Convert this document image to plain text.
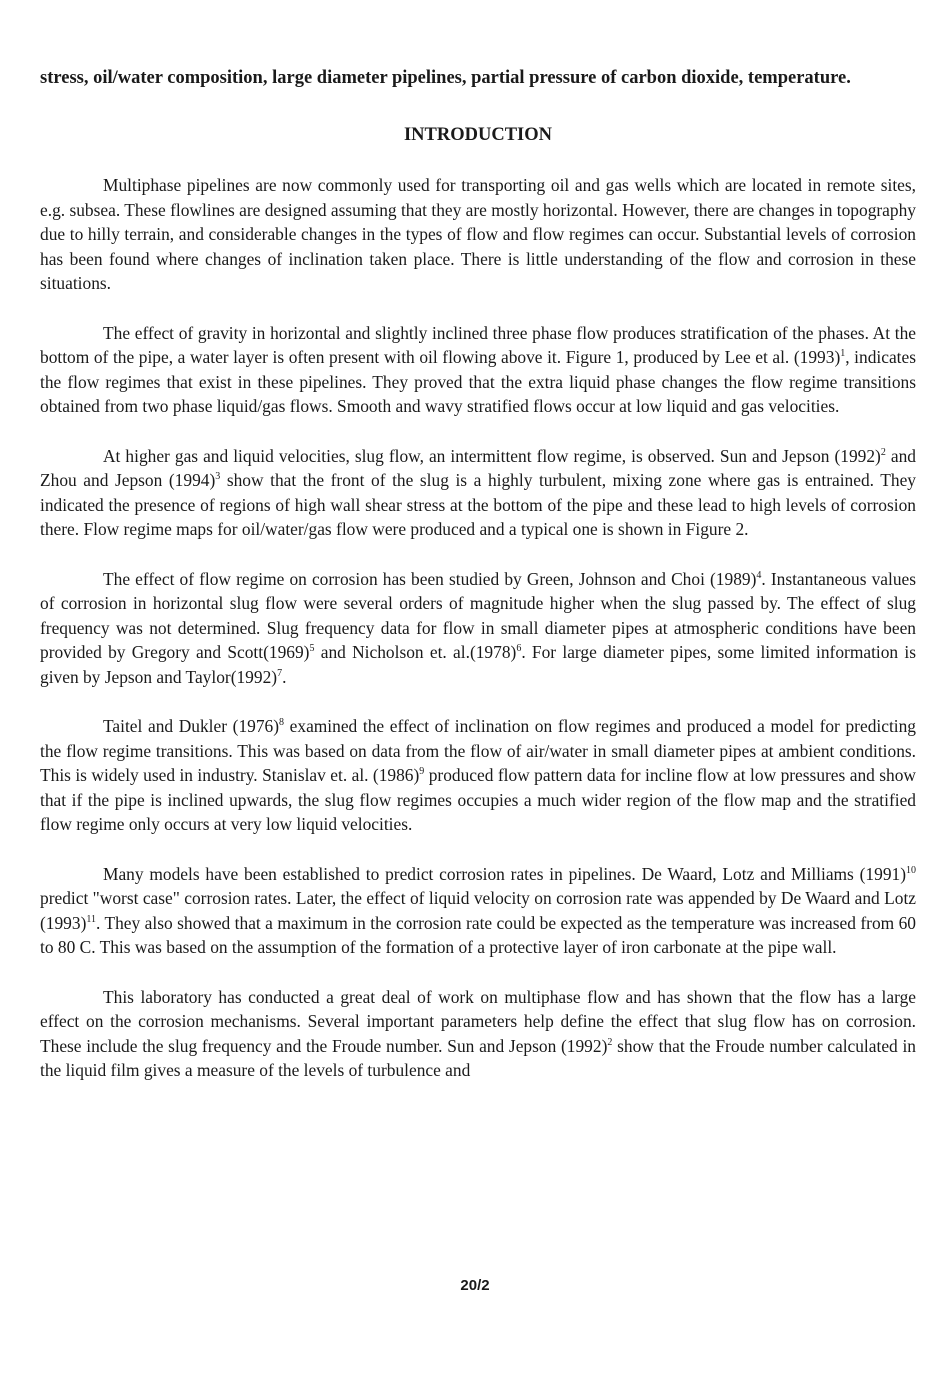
stress, oil/water composition, large diameter pipelines, partial pressure of carbon dioxide, temperature.

INTRODUCTION

Multiphase pipelines are now commonly used for transporting oil and gas wells which are located in remote sites, e.g. subsea. These flowlines are designed assuming that they are mostly horizontal. However, there are changes in topography due to hilly terrain, and considerable changes in the types of flow and flow regimes can occur. Substantial levels of corrosion has been found where changes of inclination taken place. There is little understanding of the flow and corrosion in these situations.

The effect of gravity in horizontal and slightly inclined three phase flow produces stratification of the phases. At the bottom of the pipe, a water layer is often present with oil flowing above it. Figure 1, produced by Lee et al. $(1993)^1$, indicates the flow regimes that exist in these pipelines. They proved that the extra liquid phase changes the flow regime transitions obtained from two phase liquid/gas flows. Smooth and wavy stratified flows occur at low liquid and gas velocities.

At higher gas and liquid velocities, slug flow, an intermittent flow regime, is observed. Sun and Jepson $(1992)^2$ and Zhou and Jepson $(1994)^3$ show that the front of the slug is a highly turbulent, mixing zone where gas is entrained. They indicated the presence of regions of high wall shear stress at the bottom of the pipe and these lead to high levels of corrosion there. Flow regime maps for oil/water/gas flow were produced and a typical one is shown in Figure 2.

The effect of flow regime on corrosion has been studied by Green, Johnson and Choi $(1989)^4$. Instantaneous values of corrosion in horizontal slug flow were several orders of magnitude higher when the slug passed by. The effect of slug frequency was not determined. Slug frequency data for flow in small diameter pipes at atmospheric conditions have been provided by Gregory and $Scott(1969)^5$ and Nicholson et. $al.(1978)^6$. For large diameter pipes, some limited information is given by Jepson and $Taylor(1992)^7$.

Taitel and Dukler $(1976)^8$ examined the effect of inclination on flow regimes and produced a model for predicting the flow regime transitions. This was based on data from the flow of air/water in small diameter pipes at ambient conditions. This is widely used in industry. Stanislav et. al. $(1986)^9$ produced flow pattern data for incline flow at low pressures and show that if the pipe is inclined upwards, the slug flow regimes occupies a much wider region of the flow map and the stratified flow regime only occurs at very low liquid velocities.

Many models have been established to predict corrosion rates in pipelines. De Waard, Lotz and Milliams $(1991)^{10}$ predict "worst case" corrosion rates. Later, the effect of liquid velocity on corrosion rate was appended by De Waard and Lotz $(1993)^{11}$. They also showed that a maximum in the corrosion rate could be expected as the temperature was increased from 60 to 80 C. This was based on the assumption of the formation of a protective layer of iron carbonate at the pipe wall.

This laboratory has conducted a great deal of work on multiphase flow and has shown that the flow has a large effect on the corrosion mechanisms. Several important parameters help define the effect that slug flow has on corrosion. These include the slug frequency and the Froude number. Sun and Jepson $(1992)^2$ show that the Froude number calculated in the liquid film gives a measure of the levels of turbulence and

20/2
